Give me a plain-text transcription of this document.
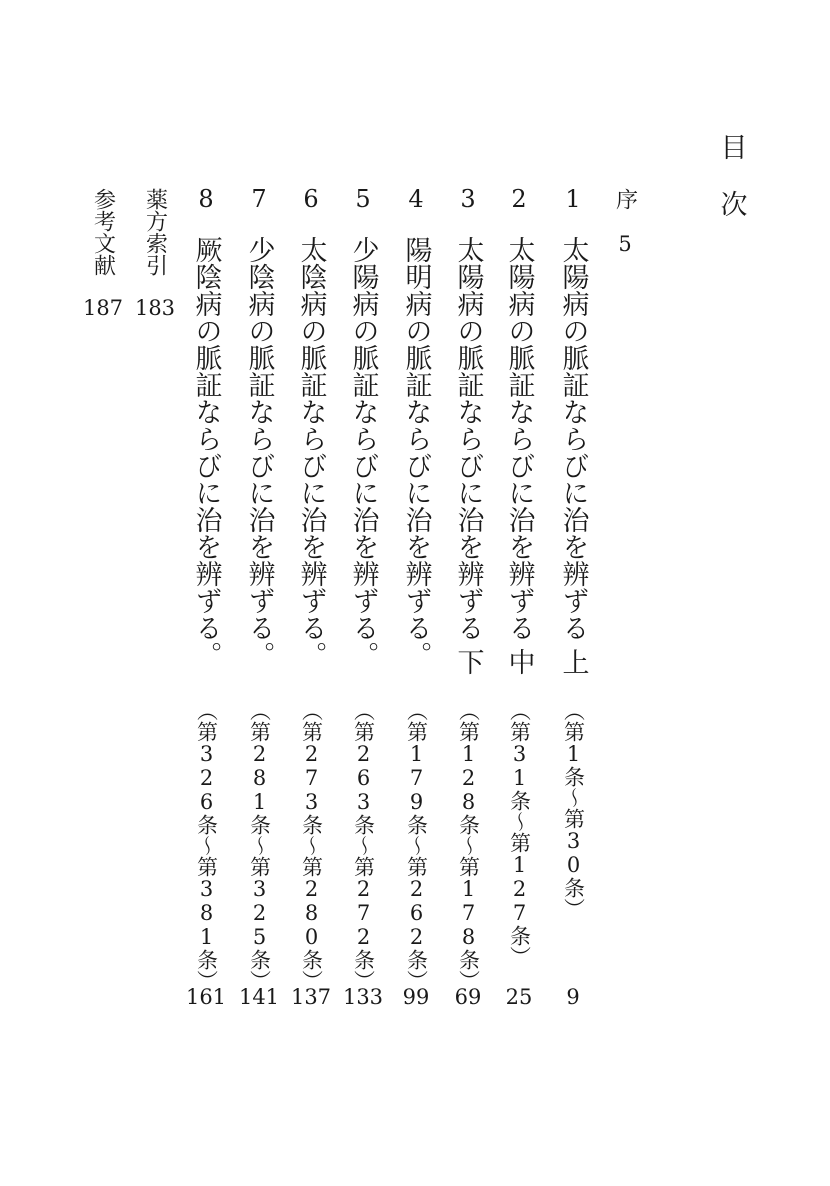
目次
序
5
1
太陽病の脈証ならびに治を辨ずる
上
（第1条〜第30条）
9
2
太陽病の脈証ならびに治を辨ずる
中
（第31条〜第127条）
25
3
太陽病の脈証ならびに治を辨ずる
下
（第128条〜第178条）
69
4
陽明病の脈証ならびに治を辨ずる。
（第179条〜第262条）
99
5
少陽病の脈証ならびに治を辨ずる。
（第263条〜第272条）
133
6
太陰病の脈証ならびに治を辨ずる。
（第273条〜第280条）
137
7
少陰病の脈証ならびに治を辨ずる。
（第281条〜第325条）
141
8
厥陰病の脈証ならびに治を辨ずる。
（第326条〜第381条）
161
薬方索引
183
参考文献
187
